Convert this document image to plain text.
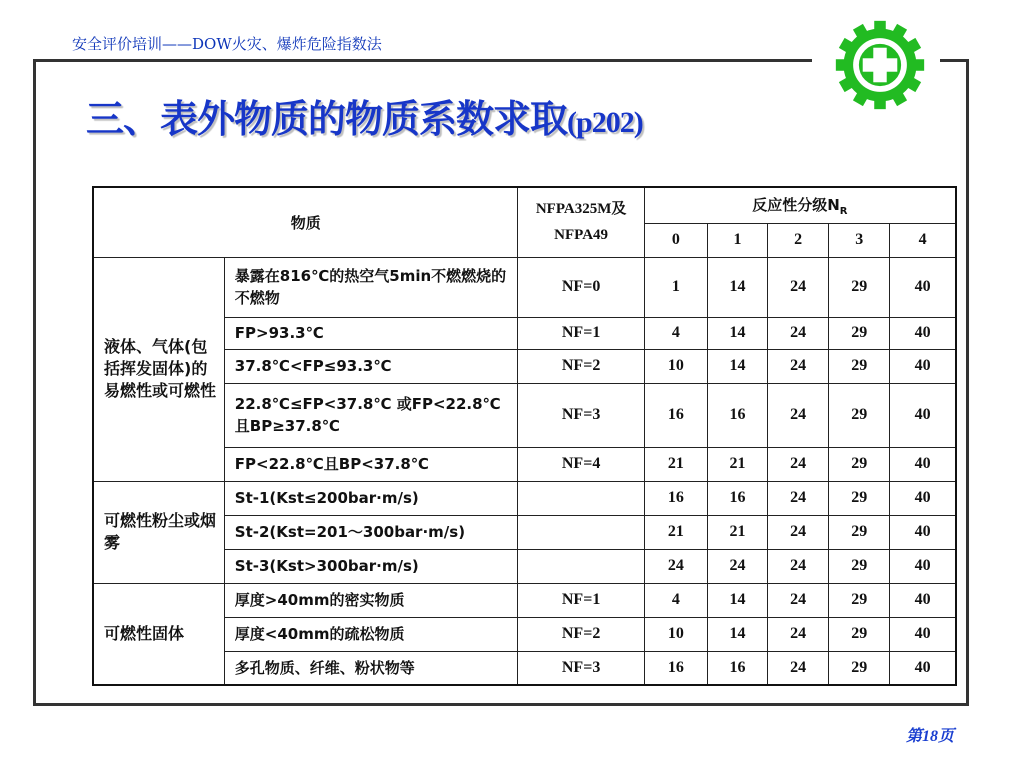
安全评价培训——DOW火灾、爆炸危险指数法
三、表外物质的物质系数求取(p202)
物质		NFPA325M及NFPA49	反应性分级$N_R$
			0	1	2	3	4
液体、气体(包括挥发固体)的易燃性或可燃性	暴露在816℃的热空气5min不燃燃烧的不燃物	NF=0	1	14	24	29	40
	FP>93.3℃	NF=1	4	14	24	29	40
	37.8℃<FP≤93.3℃	NF=2	10	14	24	29	40
	22.8℃≤FP<37.8℃ 或FP<22.8℃且BP≥37.8℃	NF=3	16	16	24	29	40
	FP<22.8℃且BP<37.8℃	NF=4	21	21	24	29	40
可燃性粉尘或烟雾	St-1(Kst≤200bar·m/s)		16	16	24	29	40
	St-2(Kst=201～300bar·m/s)		21	21	24	29	40
	St-3(Kst>300bar·m/s)		24	24	24	29	40
可燃性固体	厚度>40mm的密实物质	NF=1	4	14	24	29	40
	厚度<40mm的疏松物质	NF=2	10	14	24	29	40
	多孔物质、纤维、粉状物等	NF=3	16	16	24	29	40
第18页
